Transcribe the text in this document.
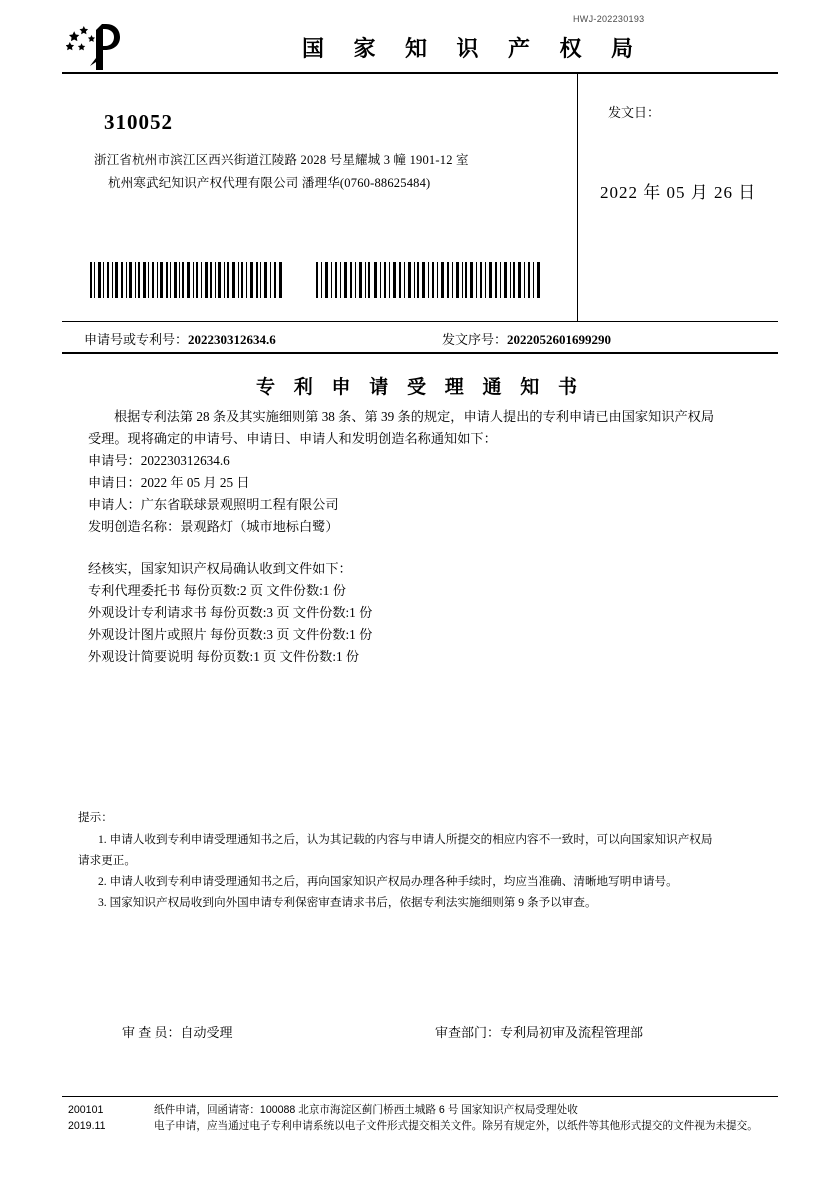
HWJ-202230193
国 家 知 识 产 权 局
310052
浙江省杭州市滨江区西兴街道江陵路 2028 号星耀城 3 幢 1901-12 室
杭州寒武纪知识产权代理有限公司 潘理华(0760-88625484)
发文日：
2022 年 05 月 26 日
申请号或专利号：202230312634.6	发文序号：2022052601699290
专 利 申 请 受 理 通 知 书

根据专利法第 28 条及其实施细则第 38 条、第 39 条的规定，申请人提出的专利申请已由国家知识产权局

受理。现将确定的申请号、申请日、申请人和发明创造名称通知如下：

申请号：202230312634.6

申请日：2022 年 05 月 25 日

申请人：广东省联球景观照明工程有限公司

发明创造名称：景观路灯（城市地标白鹭）

经核实，国家知识产权局确认收到文件如下：

专利代理委托书 每份页数:2 页 文件份数:1 份

外观设计专利请求书 每份页数:3 页 文件份数:1 份

外观设计图片或照片 每份页数:3 页 文件份数:1 份

外观设计简要说明 每份页数:1 页 文件份数:1 份

提示：

1. 申请人收到专利申请受理通知书之后，认为其记载的内容与申请人所提交的相应内容不一致时，可以向国家知识产权局

请求更正。

2. 申请人收到专利申请受理通知书之后，再向国家知识产权局办理各种手续时，均应当准确、清晰地写明申请号。

3. 国家知识产权局收到向外国申请专利保密审查请求书后，依据专利法实施细则第 9 条予以审查。

审 查 员：自动受理	审查部门：专利局初审及流程管理部
200101
2019.11
纸件申请，回函请寄：100088 北京市海淀区蓟门桥西土城路 6 号 国家知识产权局受理处收
电子申请，应当通过电子专利申请系统以电子文件形式提交相关文件。除另有规定外，以纸件等其他形式提交的文件视为未提交。
